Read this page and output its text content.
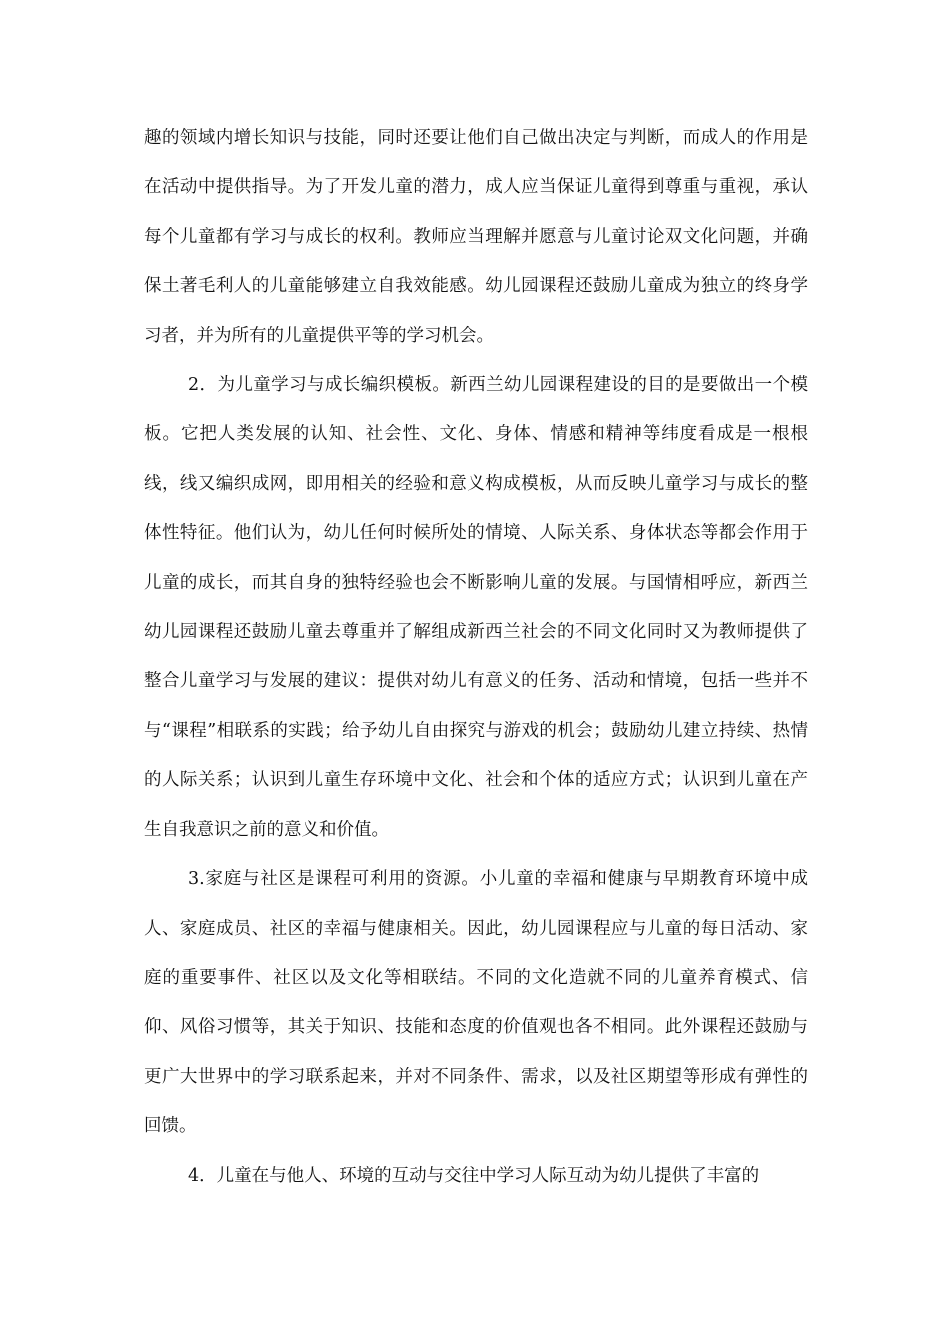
趣的领域内增长知识与技能，同时还要让他们自己做出决定与判断，而成人的作用是在活动中提供指导。为了开发儿童的潜力，成人应当保证儿童得到尊重与重视，承认每个儿童都有学习与成长的权利。教师应当理解并愿意与儿童讨论双文化问题，并确保土著毛利人的儿童能够建立自我效能感。幼儿园课程还鼓励儿童成为独立的终身学习者，并为所有的儿童提供平等的学习机会。

2．为儿童学习与成长编织模板。新西兰幼儿园课程建设的目的是要做出一个模板。它把人类发展的认知、社会性、文化、身体、情感和精神等纬度看成是一根根线，线又编织成网，即用相关的经验和意义构成模板，从而反映儿童学习与成长的整体性特征。他们认为，幼儿任何时候所处的情境、人际关系、身体状态等都会作用于儿童的成长，而其自身的独特经验也会不断影响儿童的发展。与国情相呼应，新西兰幼儿园课程还鼓励儿童去尊重并了解组成新西兰社会的不同文化同时又为教师提供了整合儿童学习与发展的建议：提供对幼儿有意义的任务、活动和情境，包括一些并不与“课程”相联系的实践；给予幼儿自由探究与游戏的机会；鼓励幼儿建立持续、热情的人际关系；认识到儿童生存环境中文化、社会和个体的适应方式；认识到儿童在产生自我意识之前的意义和价值。

3.家庭与社区是课程可利用的资源。小儿童的幸福和健康与早期教育环境中成人、家庭成员、社区的幸福与健康相关。因此，幼儿园课程应与儿童的每日活动、家庭的重要事件、社区以及文化等相联结。不同的文化造就不同的儿童养育模式、信仰、风俗习惯等，其关于知识、技能和态度的价值观也各不相同。此外课程还鼓励与更广大世界中的学习联系起来，并对不同条件、需求，以及社区期望等形成有弹性的回馈。

4．儿童在与他人、环境的互动与交往中学习人际互动为幼儿提供了丰富的
